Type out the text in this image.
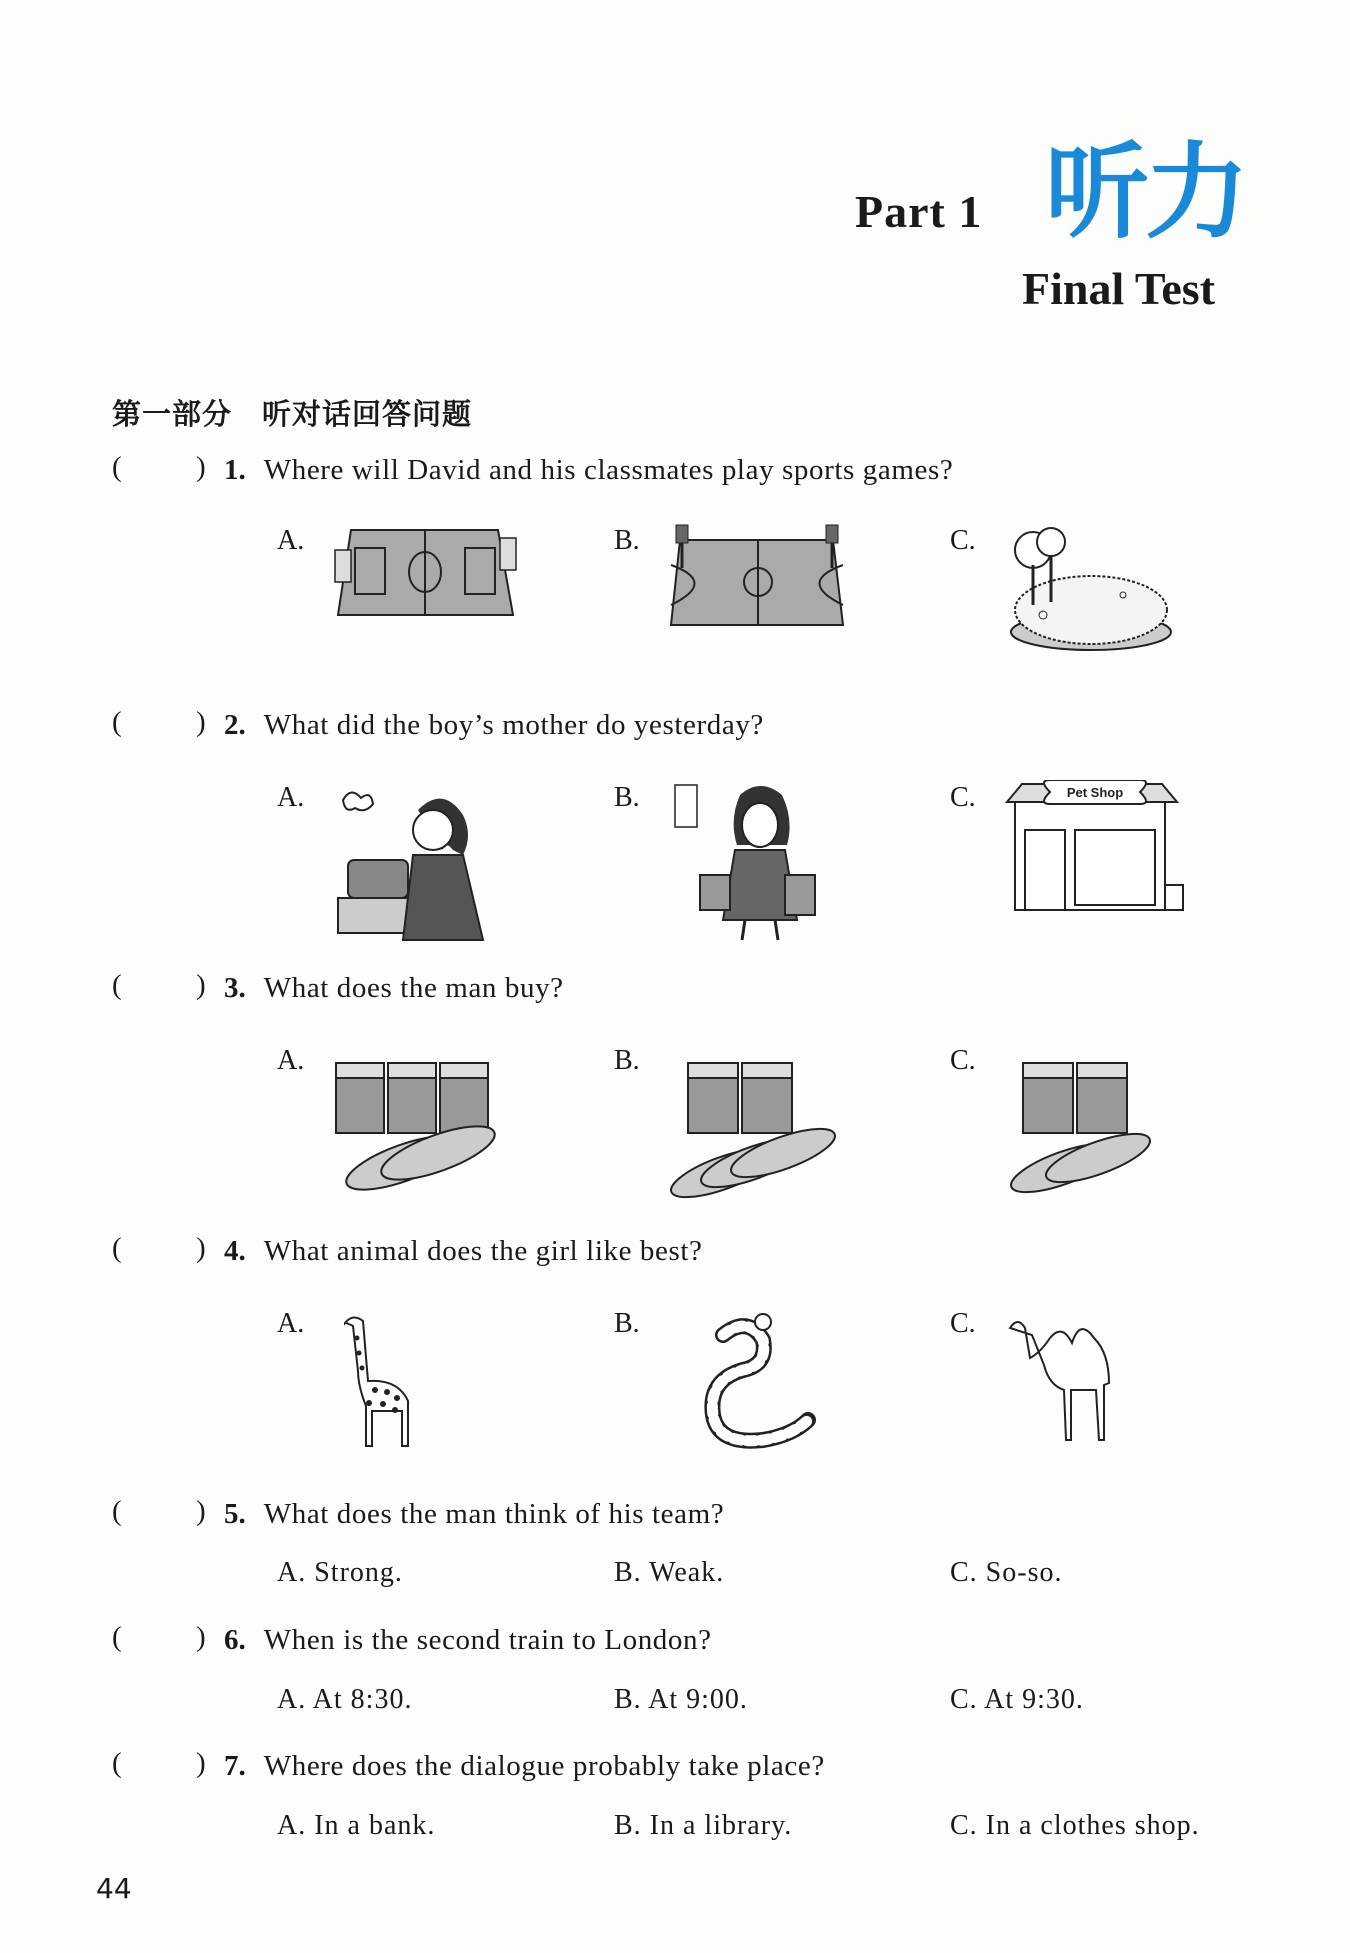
Part 1 听力
Final Test
第一部分　听对话回答问题
(	) 1. Where will David and his classmates play sports games?
A.	B.	C.
(	) 2. What did the boy’s mother do yesterday?
A.	B.	C.	Pet Shop
(	) 3. What does the man buy?
A.	B.	C.
(	) 4. What animal does the girl like best?
A.	B.	C.
(	) 5. What does the man think of his team?
A. Strong.	B. Weak.	C. So-so.
(	) 6. When is the second train to London?
A. At 8:30.	B. At 9:00.	C. At 9:30.
(	) 7. Where does the dialogue probably take place?
A. In a bank.	B. In a library.	C. In a clothes shop.
44
